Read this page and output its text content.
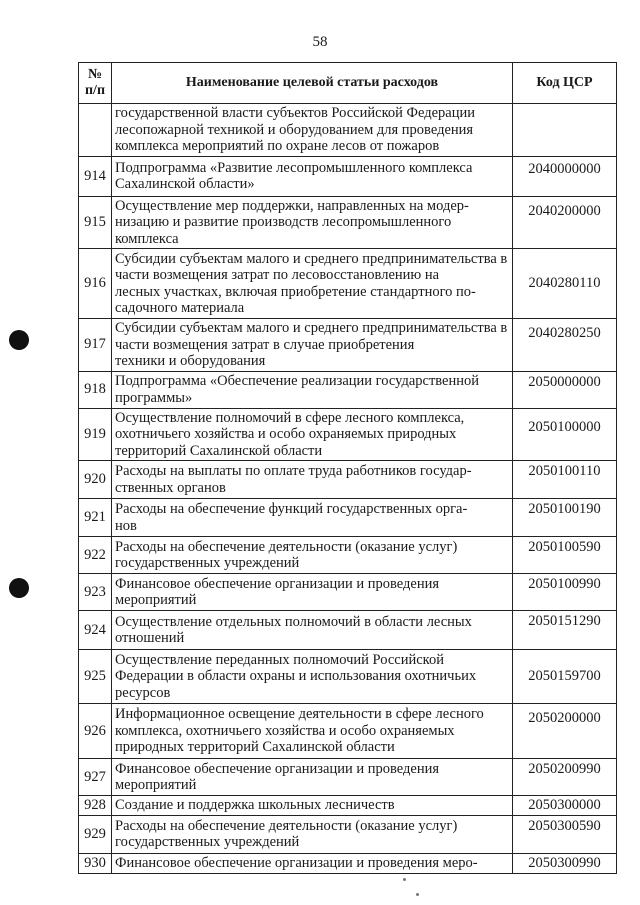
58
№
п/п	Наименование целевой статьи расходов	Код ЦСР
	государственной власти субъектов Российской Федерации
лесопожарной техникой и оборудованием для проведения
комплекса мероприятий по охране лесов от пожаров	
914	Подпрограмма «Развитие лесопромышленного комплекса
Сахалинской области»	2040000000
915	Осуществление мер поддержки, направленных на модер-
низацию и развитие производств лесопромышленного
комплекса	2040200000
916	Субсидии субъектам малого и среднего предпринимательства в части возмещения затрат по лесовосстановлению на
лесных участках, включая приобретение стандартного по-
садочного материала	2040280110
917	Субсидии субъектам малого и среднего предпринимательства в части возмещения затрат в случае приобретения
техники и оборудования	2040280250
918	Подпрограмма «Обеспечение реализации государственной
программы»	2050000000
919	Осуществление полномочий в сфере лесного комплекса,
охотничьего хозяйства и особо охраняемых природных
территорий Сахалинской области	2050100000
920	Расходы на выплаты по оплате труда работников государ-
ственных органов	2050100110
921	Расходы на обеспечение функций государственных орга-
нов	2050100190
922	Расходы на обеспечение деятельности (оказание услуг)
государственных учреждений	2050100590
923	Финансовое обеспечение организации и проведения мероприятий	2050100990
924	Осуществление отдельных полномочий в области лесных
отношений	2050151290
925	Осуществление переданных полномочий Российской Федерации в области охраны и использования охотничьих
ресурсов	2050159700
926	Информационное освещение деятельности в сфере лесного комплекса, охотничьего хозяйства и особо охраняемых
природных территорий Сахалинской области	2050200000
927	Финансовое обеспечение организации и проведения мероприятий	2050200990
928	Создание и поддержка школьных лесничеств	2050300000
929	Расходы на обеспечение деятельности (оказание услуг)
государственных учреждений	2050300590
930	Финансовое обеспечение организации и проведения меро-	2050300990
